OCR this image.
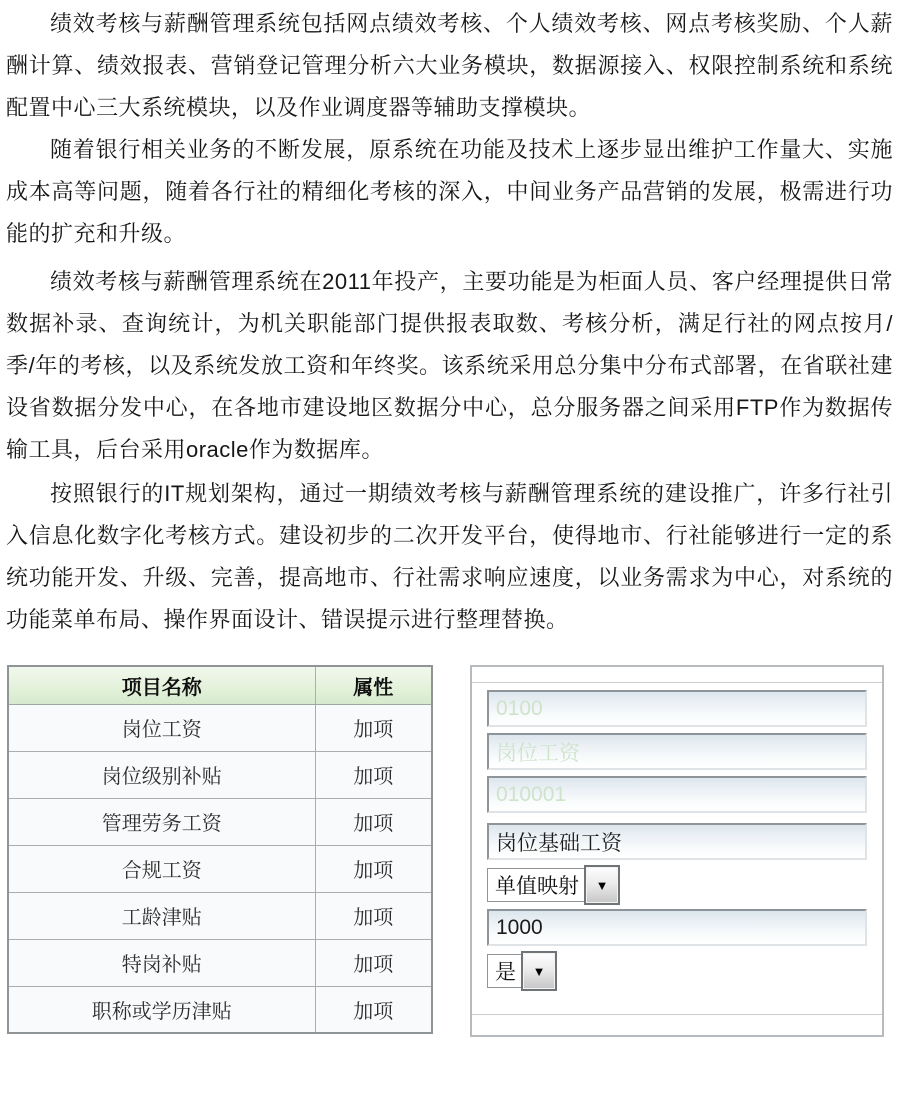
绩效考核与薪酬管理系统包括网点绩效考核、个人绩效考核、网点考核奖励、个人薪酬计算、绩效报表、营销登记管理分析六大业务模块，数据源接入、权限控制系统和系统配置中心三大系统模块，以及作业调度器等辅助支撑模块。

随着银行相关业务的不断发展，原系统在功能及技术上逐步显出维护工作量大、实施成本高等问题，随着各行社的精细化考核的深入，中间业务产品营销的发展，极需进行功能的扩充和升级。

绩效考核与薪酬管理系统在2011年投产，主要功能是为柜面人员、客户经理提供日常数据补录、查询统计，为机关职能部门提供报表取数、考核分析，满足行社的网点按月/季/年的考核，以及系统发放工资和年终奖。该系统采用总分集中分布式部署，在省联社建设省数据分发中心，在各地市建设地区数据分中心，总分服务器之间采用FTP作为数据传输工具，后台采用oracle作为数据库。

按照银行的IT规划架构，通过一期绩效考核与薪酬管理系统的建设推广，许多行社引入信息化数字化考核方式。建设初步的二次开发平台，使得地市、行社能够进行一定的系统功能开发、升级、完善，提高地市、行社需求响应速度，以业务需求为中心，对系统的功能菜单布局、操作界面设计、错误提示进行整理替换。

项目名称	属性
岗位工资	加项
岗位级别补贴	加项
管理劳务工资	加项
合规工资	加项
工龄津贴	加项
特岗补贴	加项
职称或学历津贴	加项
0100
岗位工资
010001
岗位基础工资
单值映射	▼
1000
是	▼
